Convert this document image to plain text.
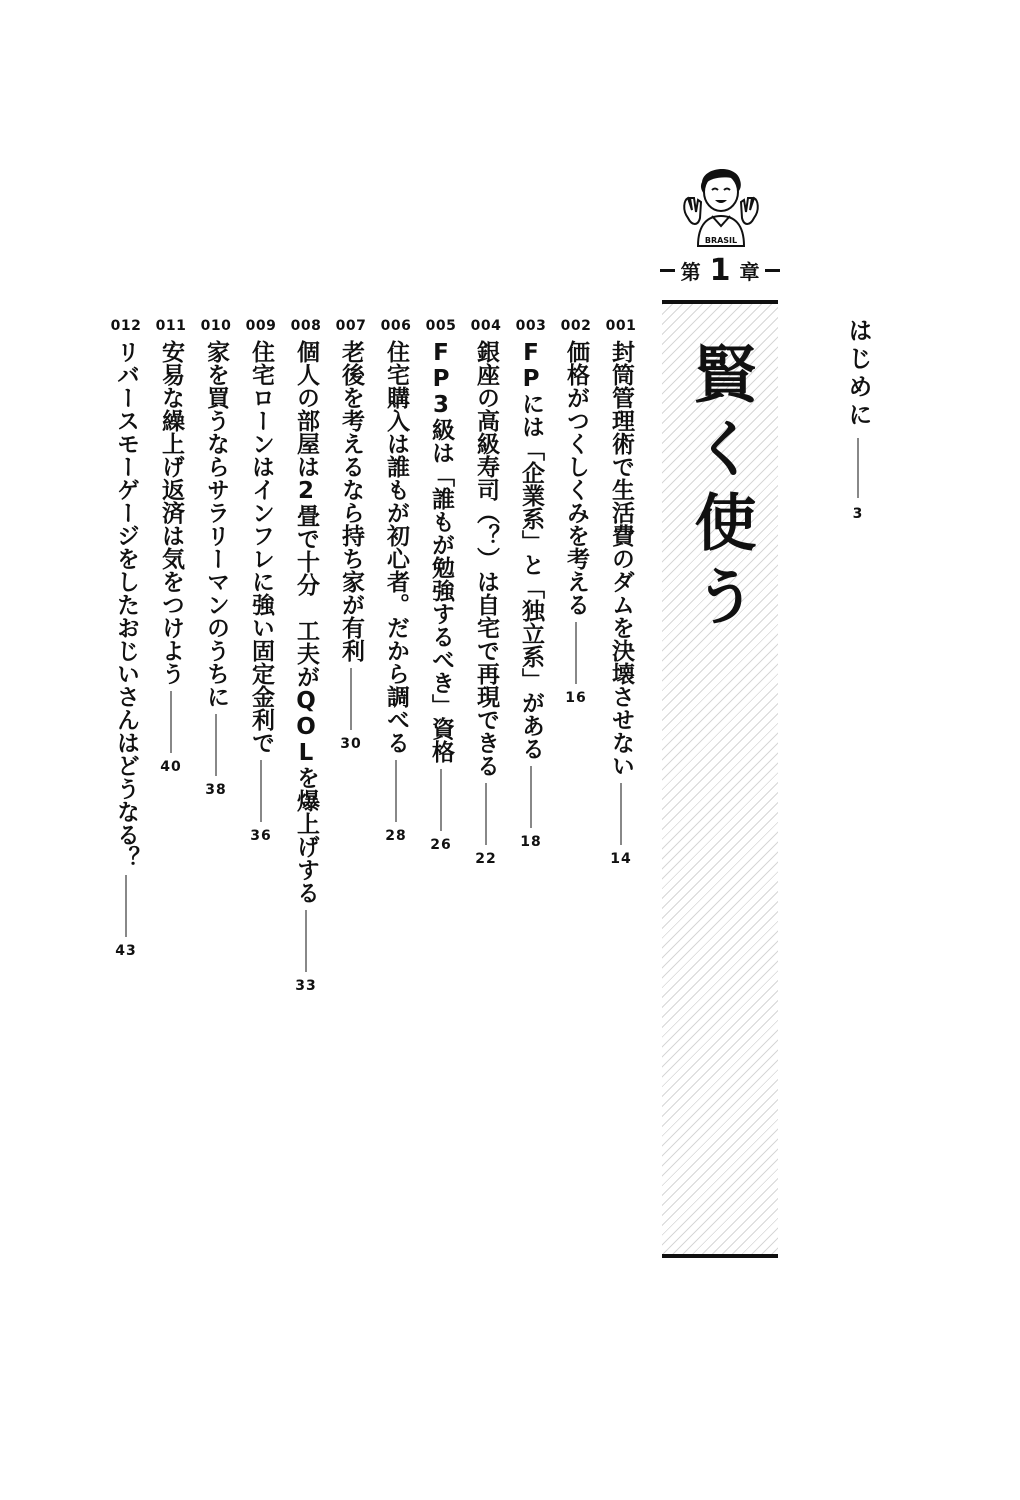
はじめに
3
BRASIL
第 1 章
賢く使う
001
封筒管理術で生活費のダムを決壊させない
14
002
価格がつくしくみを考える
16
003
FPには「企業系」と「独立系」がある
18
004
銀座の高級寿司（？）は自宅で再現できる
22
005
FP3級は「誰もが勉強するべき」資格
26
006
住宅購入は誰もが初心者。だから調べる
28
007
老後を考えるなら持ち家が有利
30
008
個人の部屋は2畳で十分　工夫がQOLを爆上げする
33
009
住宅ローンはインフレに強い固定金利で
36
010
家を買うならサラリーマンのうちに
38
011
安易な繰上げ返済は気をつけよう
40
012
リバースモーゲージをしたおじいさんはどうなる？
43
